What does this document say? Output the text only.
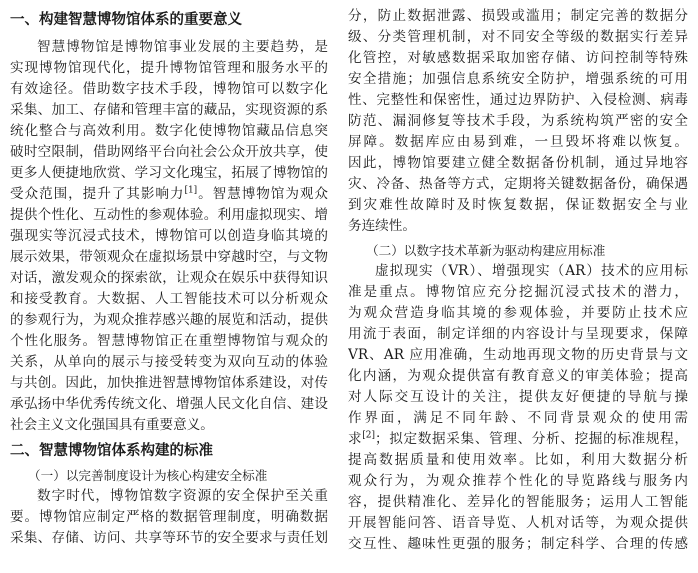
一、构建智慧博物馆体系的重要意义
智慧博物馆是博物馆事业发展的主要趋势，是
实现博物馆现代化，提升博物馆管理和服务水平的
有效途径。借助数字技术手段，博物馆可以数字化
采集、加工、存储和管理丰富的藏品，实现资源的系
统化整合与高效利用。数字化使博物馆藏品信息突
破时空限制，借助网络平台向社会公众开放共享，使
更多人便捷地欣赏、学习文化瑰宝，拓展了博物馆的
受众范围，提升了其影响力[1]。智慧博物馆为观众
提供个性化、互动性的参观体验。利用虚拟现实、增
强现实等沉浸式技术，博物馆可以创造身临其境的
展示效果，带领观众在虚拟场景中穿越时空，与文物
对话，激发观众的探索欲，让观众在娱乐中获得知识
和接受教育。大数据、人工智能技术可以分析观众
的参观行为，为观众推荐感兴趣的展览和活动，提供
个性化服务。智慧博物馆正在重塑博物馆与观众的
关系，从单向的展示与接受转变为双向互动的体验
与共创。因此，加快推进智慧博物馆体系建设，对传
承弘扬中华优秀传统文化、增强人民文化自信、建设
社会主义文化强国具有重要意义。
二、智慧博物馆体系构建的标准
（一）以完善制度设计为核心构建安全标准
数字时代，博物馆数字资源的安全保护至关重
要。博物馆应制定严格的数据管理制度，明确数据
采集、存储、访问、共享等环节的安全要求与责任划
分，防止数据泄露、损毁或滥用；制定完善的数据分
级、分类管理机制，对不同安全等级的数据实行差异
化管控，对敏感数据采取加密存储、访问控制等特殊
安全措施；加强信息系统安全防护，增强系统的可用
性、完整性和保密性，通过边界防护、入侵检测、病毒
防范、漏洞修复等技术手段，为系统构筑严密的安全
屏障。数据库应由易到难，一旦毁坏将难以恢复。
因此，博物馆要建立健全数据备份机制，通过异地容
灾、冷备、热备等方式，定期将关键数据备份，确保遇
到灾难性故障时及时恢复数据，保证数据安全与业
务连续性。
（二）以数字技术革新为驱动构建应用标准
虚拟现实（VR）、增强现实（AR）技术的应用标
准是重点。博物馆应充分挖掘沉浸式技术的潜力，
为观众营造身临其境的参观体验，并要防止技术应
用流于表面，制定详细的内容设计与呈现要求，保障
VR、AR 应用准确，生动地再现文物的历史背景与文
化内涵，为观众提供富有教育意义的审美体验；提高
对人际交互设计的关注，提供友好便捷的导航与操
作界面，满足不同年龄、不同背景观众的使用需
求[2]；拟定数据采集、管理、分析、挖掘的标准规程，
提高数据质量和使用效率。比如，利用大数据分析
观众行为，为观众推荐个性化的导览路线与服务内
容，提供精准化、差异化的智能服务；运用人工智能
开展智能问答、语音导览、人机对话等，为观众提供
交互性、趣味性更强的服务；制定科学、合理的传感
